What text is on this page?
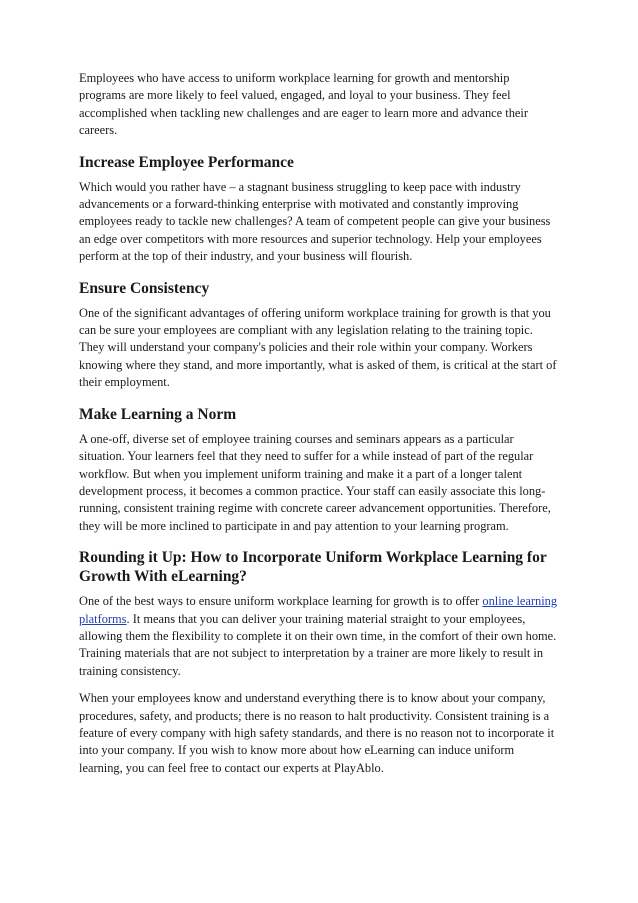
Employees who have access to uniform workplace learning for growth and mentorship programs are more likely to feel valued, engaged, and loyal to your business. They feel accomplished when tackling new challenges and are eager to learn more and advance their careers.

Increase Employee Performance

Which would you rather have – a stagnant business struggling to keep pace with industry advancements or a forward-thinking enterprise with motivated and constantly improving employees ready to tackle new challenges? A team of competent people can give your business an edge over competitors with more resources and superior technology. Help your employees perform at the top of their industry, and your business will flourish.

Ensure Consistency

One of the significant advantages of offering uniform workplace training for growth is that you can be sure your employees are compliant with any legislation relating to the training topic. They will understand your company's policies and their role within your company. Workers knowing where they stand, and more importantly, what is asked of them, is critical at the start of their employment.

Make Learning a Norm

A one-off, diverse set of employee training courses and seminars appears as a particular situation. Your learners feel that they need to suffer for a while instead of part of the regular workflow. But when you implement uniform training and make it a part of a longer talent development process, it becomes a common practice. Your staff can easily associate this long-running, consistent training regime with concrete career advancement opportunities. Therefore, they will be more inclined to participate in and pay attention to your learning program.

Rounding it Up: How to Incorporate Uniform Workplace Learning for Growth With eLearning?

One of the best ways to ensure uniform workplace learning for growth is to offer online learning platforms. It means that you can deliver your training material straight to your employees, allowing them the flexibility to complete it on their own time, in the comfort of their own home. Training materials that are not subject to interpretation by a trainer are more likely to result in training consistency.

When your employees know and understand everything there is to know about your company, procedures, safety, and products; there is no reason to halt productivity. Consistent training is a feature of every company with high safety standards, and there is no reason not to incorporate it into your company. If you wish to know more about how eLearning can induce uniform learning, you can feel free to contact our experts at PlayAblo.
